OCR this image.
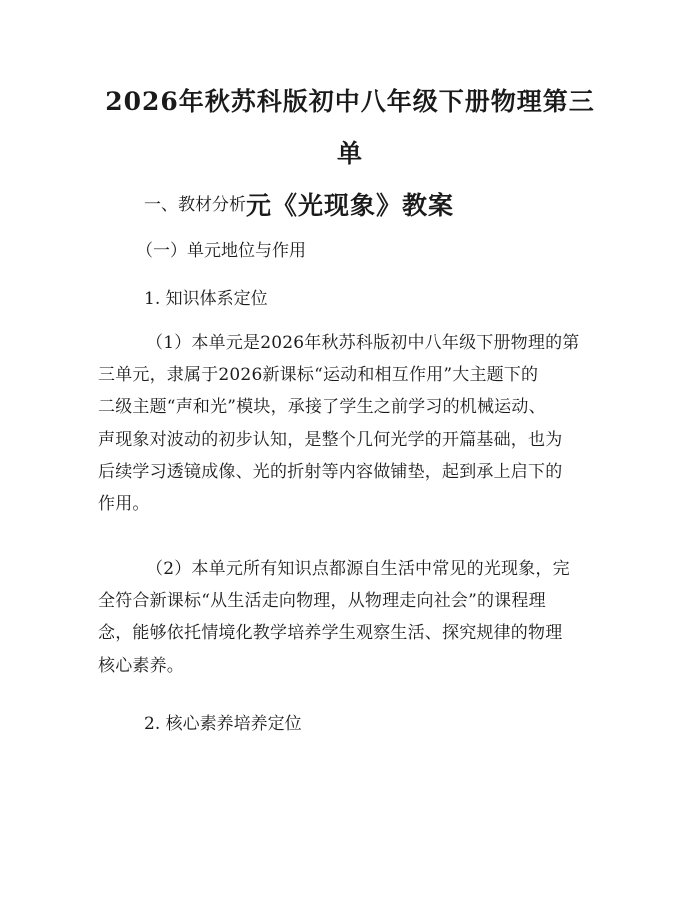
2026年秋苏科版初中八年级下册物理第三单
元《光现象》教案

一、教材分析

（一）单元地位与作用

1. 知识体系定位

（1）本单元是2026年秋苏科版初中八年级下册物理的第
三单元，隶属于2026新课标“运动和相互作用”大主题下的
二级主题“声和光”模块，承接了学生之前学习的机械运动、
声现象对波动的初步认知，是整个几何光学的开篇基础，也为
后续学习透镜成像、光的折射等内容做铺垫，起到承上启下的
作用。
（2）本单元所有知识点都源自生活中常见的光现象，完
全符合新课标“从生活走向物理，从物理走向社会”的课程理
念，能够依托情境化教学培养学生观察生活、探究规律的物理
核心素养。

2. 核心素养培养定位
